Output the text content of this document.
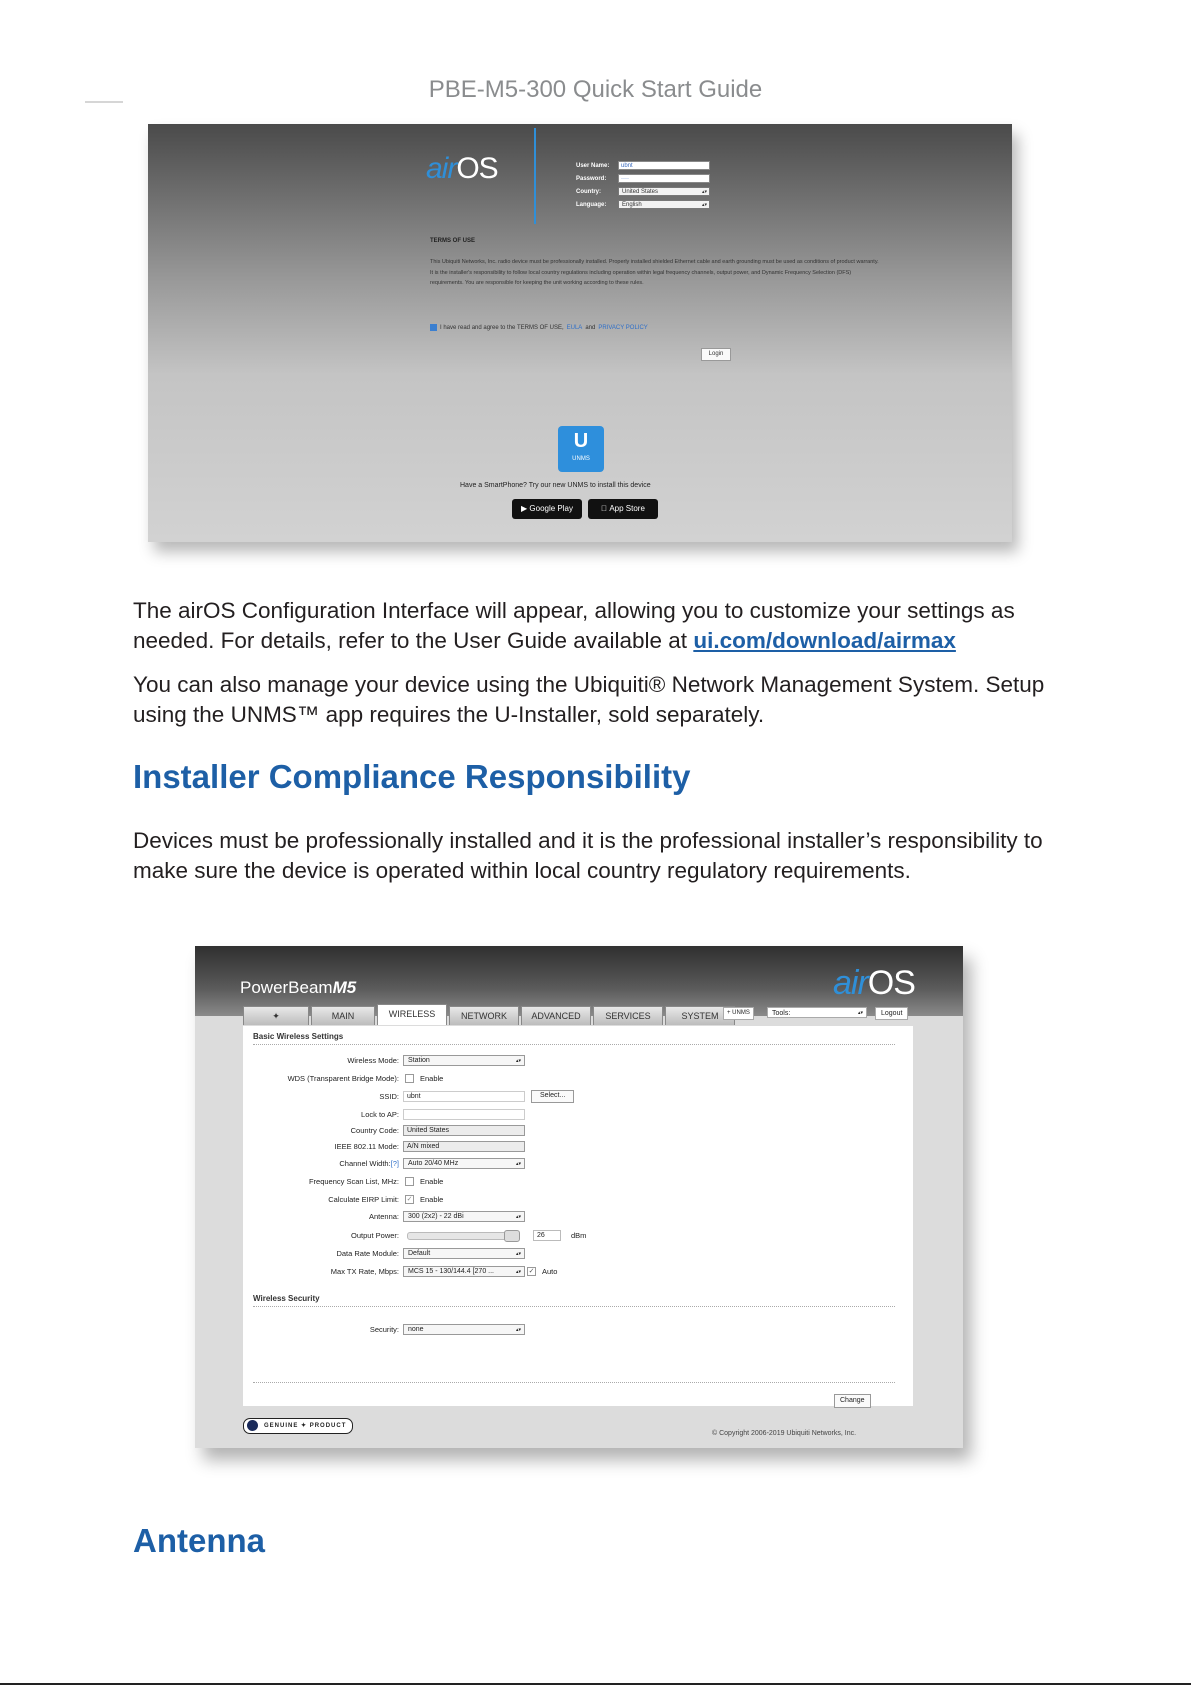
PBE-M5-300 Quick Start Guide
airOS	User Name:	ubnt
Password:	····
Country:	United States ▴▾
Language:	English ▴▾
TERMS OF USE
This Ubiquiti Networks, Inc. radio device must be professionally installed. Properly installed shielded Ethernet cable and earth grounding must be used as conditions of product warranty. It is the installer's responsibility to follow local country regulations including operation within legal frequency channels, output power, and Dynamic Frequency Selection (DFS) requirements. You are responsible for keeping the unit working according to these rules.
I have read and agree to the TERMS OF USE, EULA and PRIVACY POLICY
Login
U
UNMS
Have a SmartPhone? Try our new UNMS to install this device
▶ Google Play	App Store
The airOS Configuration Interface will appear, allowing you to customize your settings as needed. For details, refer to the User Guide available at ui.com/download/airmax
You can also manage your device using the Ubiquiti® Network Management System. Setup using the UNMS™ app requires the U-Installer, sold separately.
Installer Compliance Responsibility
Devices must be professionally installed and it is the professional installer’s responsibility to make sure the device is operated within local country regulatory requirements.
PowerBeamM5	airOS
✦	MAIN	WIRELESS	NETWORK	ADVANCED	SERVICES	SYSTEM	+ UNMS	Tools: ▴▾	Logout
Basic Wireless Settings
Wireless Mode:	Station ▴▾
WDS (Transparent Bridge Mode):	Enable
SSID:	ubnt	Select...
Lock to AP:
Country Code:	United States
IEEE 802.11 Mode:	A/N mixed
Channel Width:[?]	Auto 20/40 MHz ▴▾
Frequency Scan List, MHz:	Enable
Calculate EIRP Limit:	✓ Enable
Antenna:	300 (2x2) - 22 dBi ▴▾
Output Power:	26	dBm
Data Rate Module:	Default ▴▾
Max TX Rate, Mbps:	MCS 15 - 130/144.4 [270 ... ▴▾	✓ Auto
Wireless Security
Security:	none ▴▾
Change
GENUINE ✦ PRODUCT
© Copyright 2006-2019 Ubiquiti Networks, Inc.
Antenna
